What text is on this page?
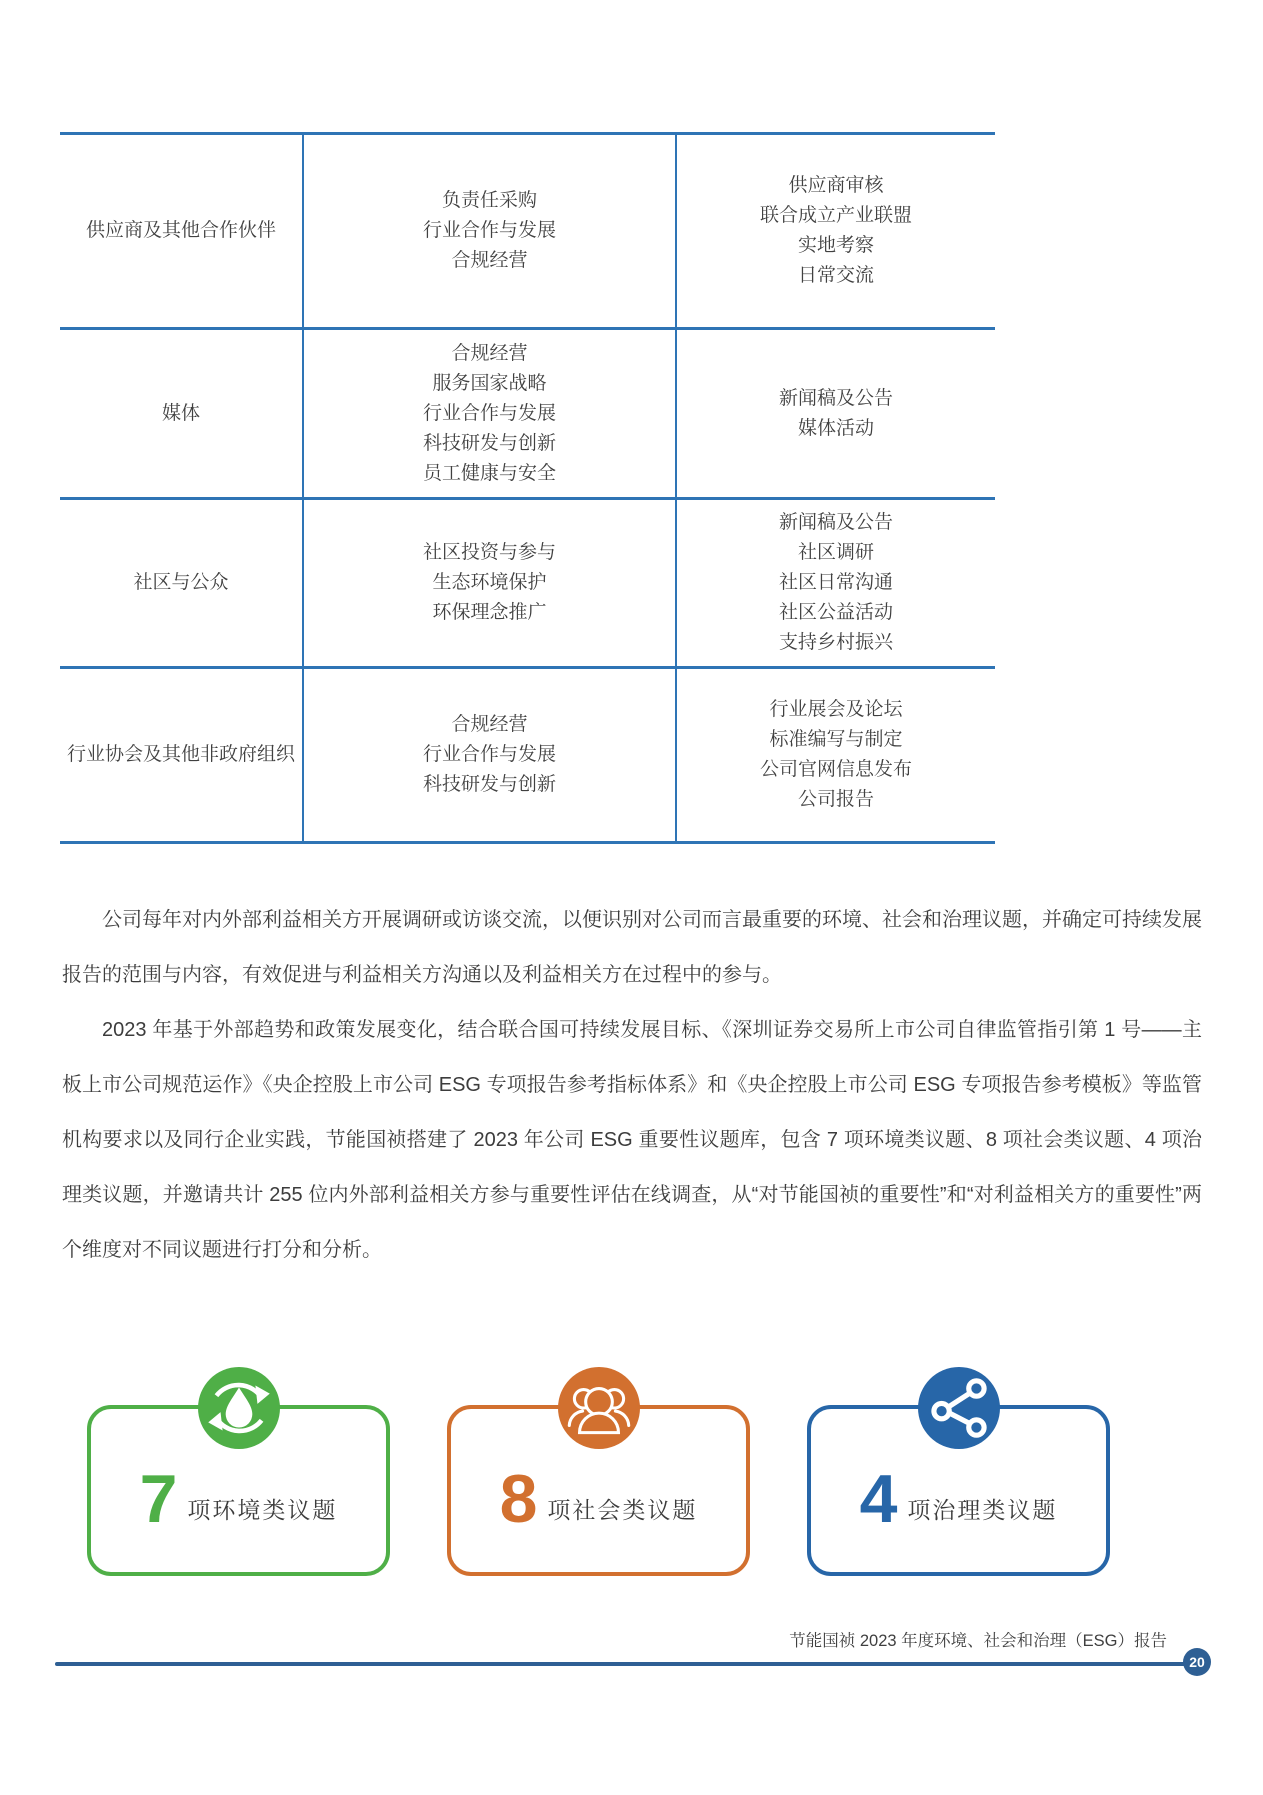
供应商及其他合作伙伴
负责任采购
行业合作与发展
合规经营
供应商审核
联合成立产业联盟
实地考察
日常交流
媒体
合规经营
服务国家战略
行业合作与发展
科技研发与创新
员工健康与安全
新闻稿及公告
媒体活动
社区与公众
社区投资与参与
生态环境保护
环保理念推广
新闻稿及公告
社区调研
社区日常沟通
社区公益活动
支持乡村振兴
行业协会及其他非政府组织
合规经营
行业合作与发展
科技研发与创新
行业展会及论坛
标准编写与制定
公司官网信息发布
公司报告

公司每年对内外部利益相关方开展调研或访谈交流，以便识别对公司而言最重要的环境、社会和治理议题，并确定可持续发展报告的范围与内容，有效促进与利益相关方沟通以及利益相关方在过程中的参与。

2023 年基于外部趋势和政策发展变化，结合联合国可持续发展目标、《深圳证券交易所上市公司自律监管指引第 1 号——主板上市公司规范运作》《央企控股上市公司 ESG 专项报告参考指标体系》和《央企控股上市公司 ESG 专项报告参考模板》等监管机构要求以及同行企业实践，节能国祯搭建了 2023 年公司 ESG 重要性议题库，包含 7 项环境类议题、8 项社会类议题、4 项治理类议题，并邀请共计 255 位内外部利益相关方参与重要性评估在线调查，从“对节能国祯的重要性”和“对利益相关方的重要性”两个维度对不同议题进行打分和分析。

7 项环境类议题 8 项社会类议题 4 项治理类议题
节能国祯 2023 年度环境、社会和治理（ESG）报告
20
